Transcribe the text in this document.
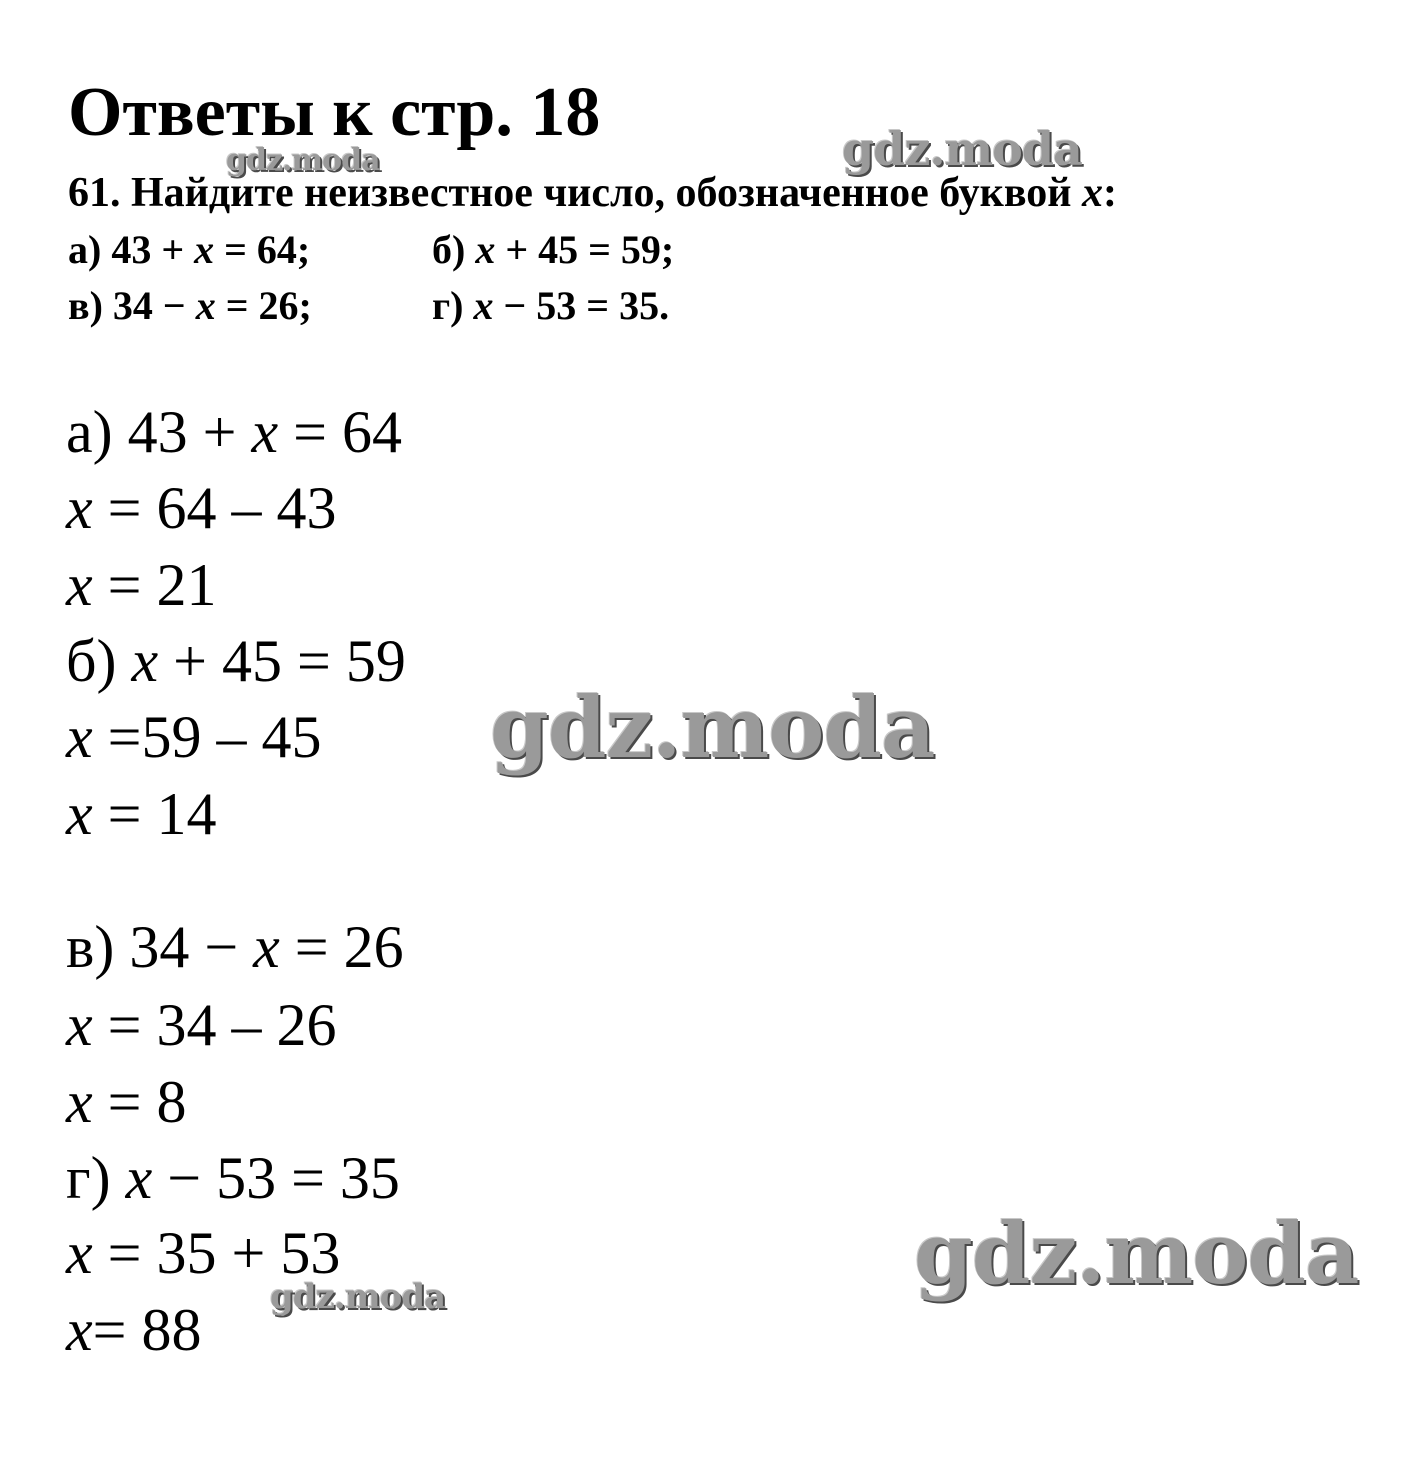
Ответы к стр. 18
61. Найдите неизвестное число, обозначенное буквой x:
а) 43 + x = 64;	б) x + 45 = 59;
в) 34 − x = 26;	г) x − 53 = 35.
а) 43 + x = 64
x = 64 – 43
x = 21
б) x + 45 = 59
x =59 – 45
x = 14
в) 34 − x = 26
x = 34 – 26
x = 8
г) x − 53 = 35
x = 35 + 53
x= 88
gdz.moda	gdz.moda
gdz.moda
gdz.moda
gdz.moda
